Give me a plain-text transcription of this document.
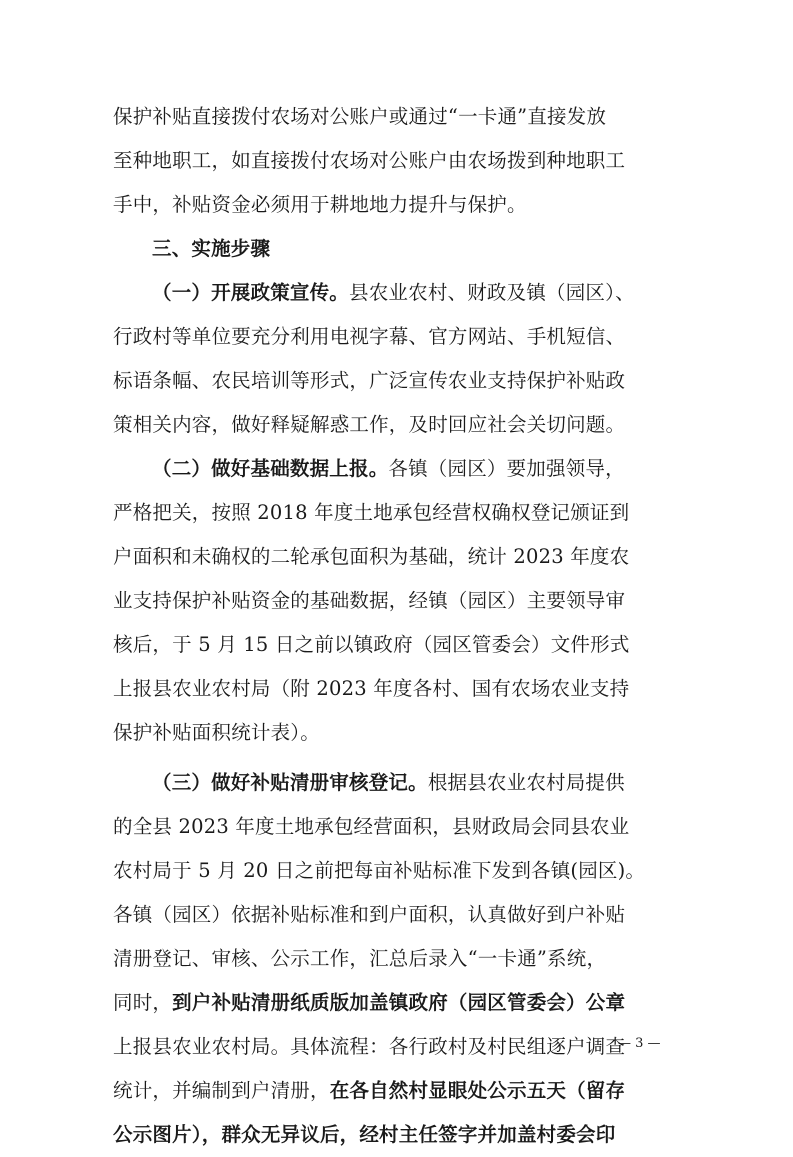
保护补贴直接拨付农场对公账户或通过“一卡通”直接发放
至种地职工，如直接拨付农场对公账户由农场拨到种地职工
手中，补贴资金必须用于耕地地力提升与保护。
三、实施步骤
（一）开展政策宣传。县农业农村、财政及镇（园区）、
行政村等单位要充分利用电视字幕、官方网站、手机短信、
标语条幅、农民培训等形式，广泛宣传农业支持保护补贴政
策相关内容，做好释疑解惑工作，及时回应社会关切问题。
（二）做好基础数据上报。各镇（园区）要加强领导，
严格把关，按照 2018 年度土地承包经营权确权登记颁证到
户面积和未确权的二轮承包面积为基础，统计 2023 年度农
业支持保护补贴资金的基础数据，经镇（园区）主要领导审
核后，于 5 月 15 日之前以镇政府（园区管委会）文件形式
上报县农业农村局（附 2023 年度各村、国有农场农业支持
保护补贴面积统计表）。
（三）做好补贴清册审核登记。根据县农业农村局提供
的全县 2023 年度土地承包经营面积，县财政局会同县农业
农村局于 5 月 20 日之前把每亩补贴标准下发到各镇(园区)。
各镇（园区）依据补贴标准和到户面积，认真做好到户补贴
清册登记、审核、公示工作，汇总后录入“一卡通”系统，
同时，到户补贴清册纸质版加盖镇政府（园区管委会）公章
上报县农业农村局。具体流程：各行政村及村民组逐户调查
统计，并编制到户清册，在各自然村显眼处公示五天（留存
公示图片），群众无异议后，经村主任签字并加盖村委会印
— 3 —
